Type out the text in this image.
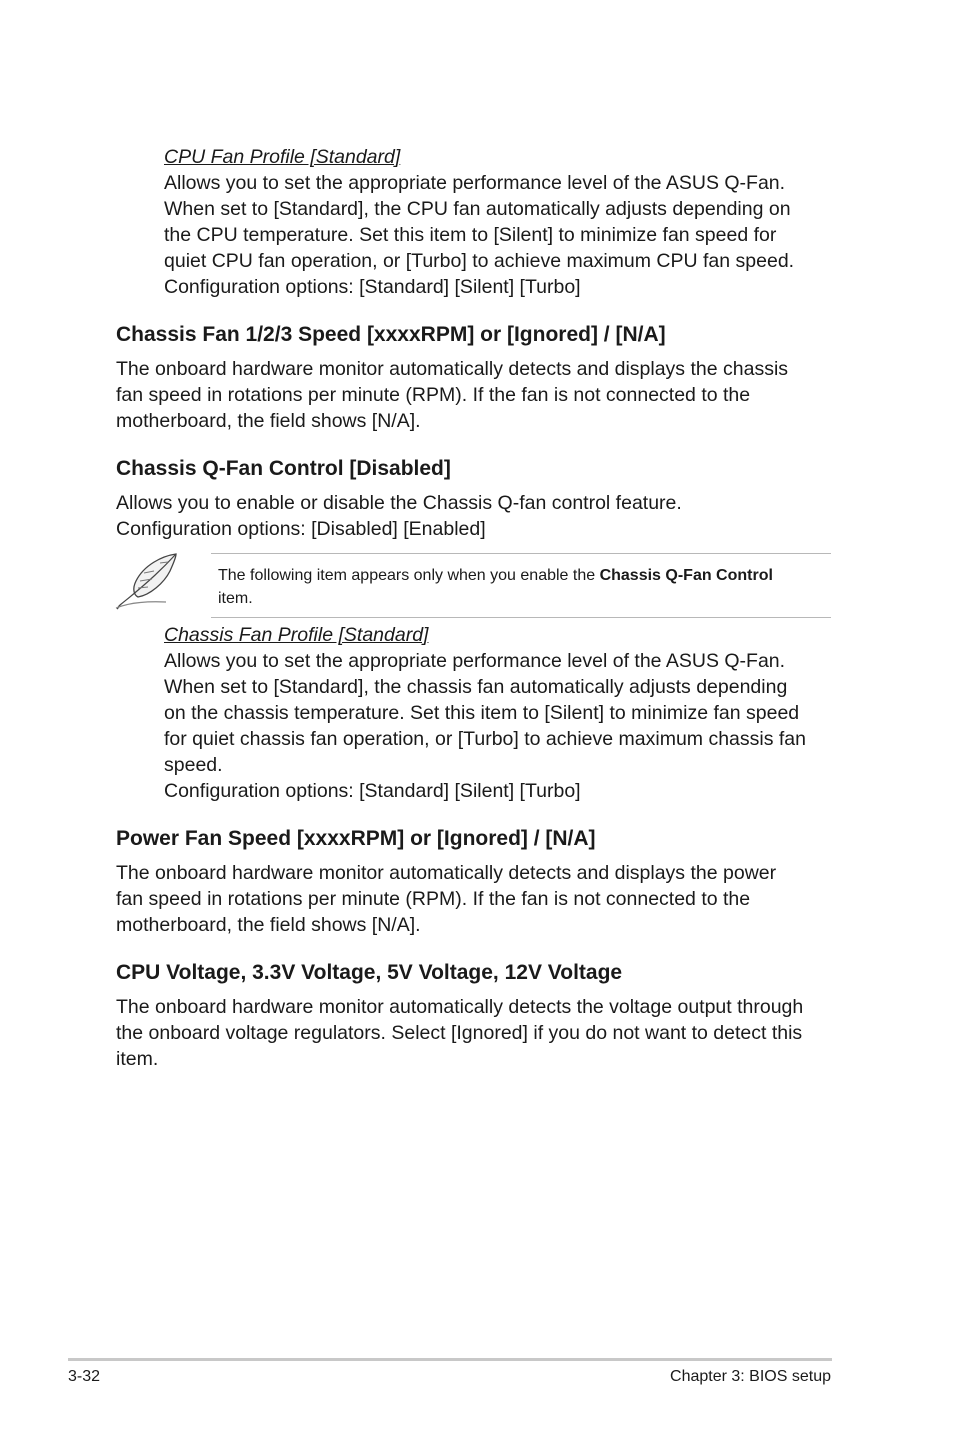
CPU Fan Profile [Standard]
Allows you to set the appropriate performance level of the ASUS Q-Fan.
When set to [Standard], the CPU fan automatically adjusts depending on
the CPU temperature. Set this item to [Silent] to minimize fan speed for
quiet CPU fan operation, or [Turbo] to achieve maximum CPU fan speed.
Configuration options: [Standard] [Silent] [Turbo]
Chassis Fan 1/2/3 Speed [xxxxRPM] or [Ignored] / [N/A]
The onboard hardware monitor automatically detects and displays the chassis
fan speed in rotations per minute (RPM). If the fan is not connected to the
motherboard, the field shows [N/A].
Chassis Q-Fan Control [Disabled]
Allows you to enable or disable the Chassis Q-fan control feature.
Configuration options: [Disabled] [Enabled]
The following item appears only when you enable the Chassis Q-Fan Control
item.
Chassis Fan Profile [Standard]
Allows you to set the appropriate performance level of the ASUS Q-Fan.
When set to [Standard], the chassis fan automatically adjusts depending
on the chassis temperature. Set this item to [Silent] to minimize fan speed
for quiet chassis fan operation, or [Turbo] to achieve maximum chassis fan
speed.
Configuration options: [Standard] [Silent] [Turbo]
Power Fan Speed [xxxxRPM] or [Ignored] / [N/A]
The onboard hardware monitor automatically detects and displays the power
fan speed in rotations per minute (RPM). If the fan is not connected to the
motherboard, the field shows [N/A].
CPU Voltage, 3.3V Voltage, 5V Voltage, 12V Voltage
The onboard hardware monitor automatically detects the voltage output through
the onboard voltage regulators. Select [Ignored] if you do not want to detect this
item.
3-32	Chapter 3: BIOS setup
